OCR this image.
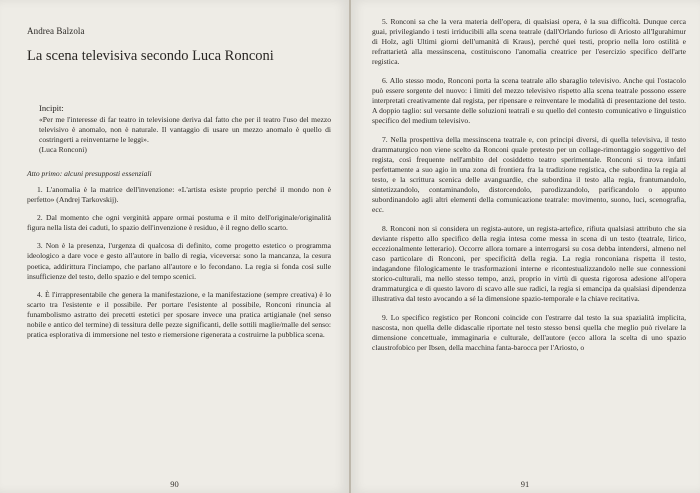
Andrea Balzola
La scena televisiva secondo Luca Ronconi
Incipit:
«Per me l'interesse di far teatro in televisione deriva dal fatto che per il teatro l'uso del mezzo televisivo è anomalo, non è naturale. Il vantaggio di usare un mezzo anomalo è quello di costringerti a reinventarne le leggi».
(Luca Ronconi)
Atto primo: alcuni presupposti essenziali

1. L'anomalia è la matrice dell'invenzione: «L'artista esiste proprio perché il mondo non è perfetto» (Andrej Tarkovskij).

2. Dal momento che ogni verginità appare ormai postuma e il mito dell'originale/originalità figura nella lista dei caduti, lo spazio dell'invenzione è residuo, è il regno dello scarto.

3. Non è la presenza, l'urgenza di qualcosa di definito, come progetto estetico o programma ideologico a dare voce e gesto all'autore in ballo di regia, viceversa: sono la mancanza, la cesura poetica, addirittura l'inciampo, che parlano all'autore e lo fecondano. La regia si fonda così sulle insufficienze del testo, dello spazio e del tempo scenici.

4. È l'irrappresentabile che genera la manifestazione, e la manifestazione (sempre creativa) è lo scarto tra l'esistente e il possibile. Per portare l'esistente al possibile, Ronconi rinuncia al funambolismo astratto dei precetti estetici per sposare invece una pratica artigianale (nel senso nobile e antico del termine) di tessitura delle pezze significanti, delle sottili maglie/malle del senso: pratica esplorativa di immersione nel testo e riemersione rigenerata a costruirne la pubblica scena.

90

5. Ronconi sa che la vera materia dell'opera, di qualsiasi opera, è la sua difficoltà. Dunque cerca guai, privilegiando i testi irriducibili alla scena teatrale (dall'Orlando furioso di Ariosto all'Igurahimur di Holz, agli Ultimi giorni dell'umanità di Kraus), perché quei testi, proprio nella loro ostilità e refrattarietà alla messinscena, costituiscono l'anomalia creatrice per l'esercizio specifico dell'arte registica.

6. Allo stesso modo, Ronconi porta la scena teatrale allo sbaraglio televisivo. Anche qui l'ostacolo può essere sorgente del nuovo: i limiti del mezzo televisivo rispetto alla scena teatrale possono essere interpretati creativamente dal regista, per ripensare e reinventare le modalità di presentazione del testo. A doppio taglio: sul versante delle soluzioni teatrali e su quello del contesto comunicativo e linguistico specifico del medium televisivo.

7. Nella prospettiva della messinscena teatrale e, con principi diversi, di quella televisiva, il testo drammaturgico non viene scelto da Ronconi quale pretesto per un collage-rimontaggio soggettivo del regista, così frequente nell'ambito del cosiddetto teatro sperimentale. Ronconi si trova infatti perfettamente a suo agio in una zona di frontiera fra la tradizione registica, che subordina la regia al testo, e la scrittura scenica delle avanguardie, che subordina il testo alla regia, frantumandolo, sintetizzandolo, contaminandolo, distorcendolo, parodizzandolo, parificandolo o appunto subordinandolo agli altri elementi della comunicazione teatrale: movimento, suono, luci, scenografia, ecc.

8. Ronconi non si considera un regista-autore, un regista-artefice, rifiuta qualsiasi attributo che sia deviante rispetto allo specifico della regia intesa come messa in scena di un testo (teatrale, lirico, eccezionalmente letterario). Occorre allora tornare a interrogarsi su cosa debba intendersi, almeno nel caso particolare di Ronconi, per specificità della regia. La regia ronconiana rispetta il testo, indagandone filologicamente le trasformazioni interne e ricontestualizzandolo nelle sue connessioni storico-culturali, ma nello stesso tempo, anzi, proprio in virtù di questa rigorosa adesione all'opera drammaturgica e di questo lavoro di scavo alle sue radici, la regia si emancipa da qualsiasi dipendenza illustrativa dal testo avocando a sé la dimensione spazio-temporale e la chiave recitativa.

9. Lo specifico registico per Ronconi coincide con l'estrarre dal testo la sua spazialità implicita, nascosta, non quella delle didascalie riportate nel testo stesso bensì quella che meglio può rivelare la dimensione concettuale, immaginaria e culturale, dell'autore (ecco allora la scelta di uno spazio claustrofobico per Ibsen, della macchina fanta-barocca per l'Ariosto, o

91
